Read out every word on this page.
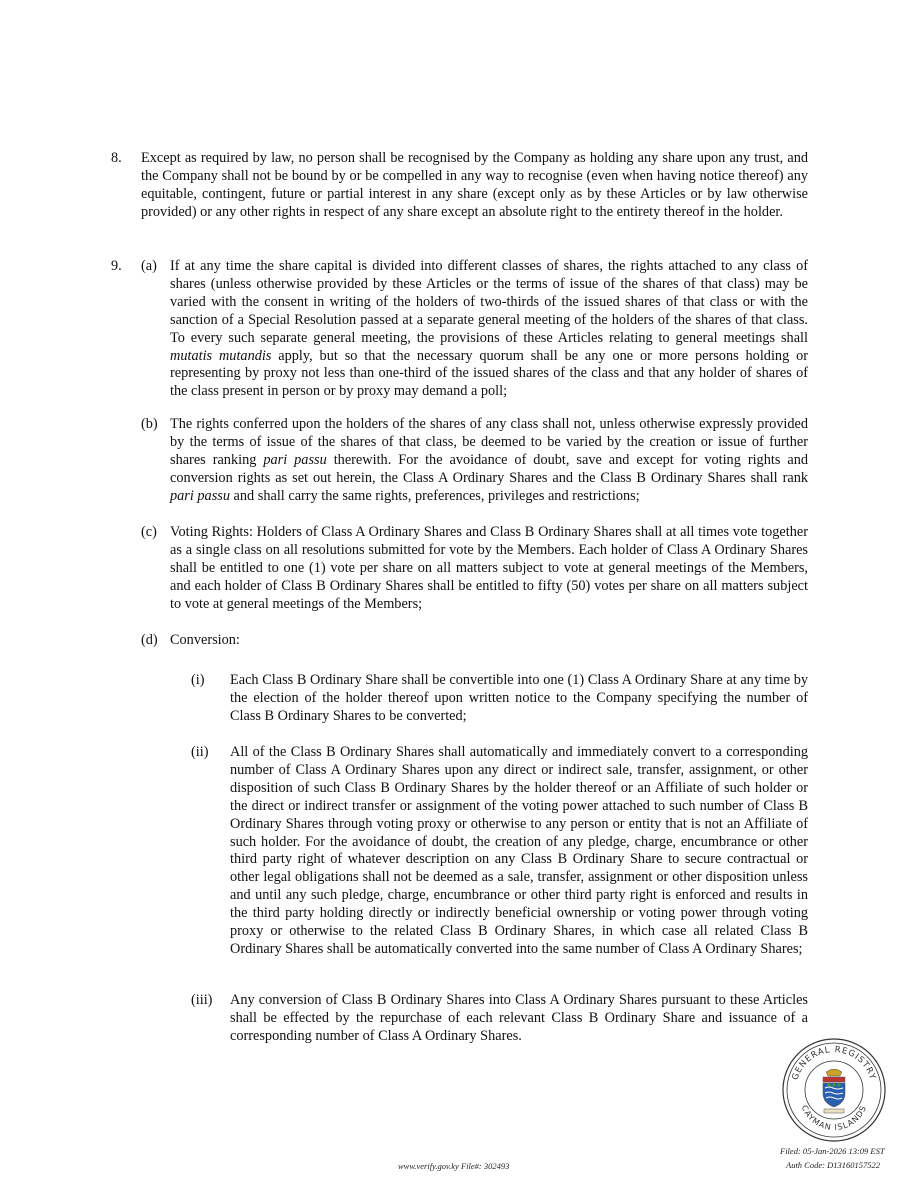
8. Except as required by law, no person shall be recognised by the Company as holding any share upon any trust, and the Company shall not be bound by or be compelled in any way to recognise (even when having notice thereof) any equitable, contingent, future or partial interest in any share (except only as by these Articles or by law otherwise provided) or any other rights in respect of any share except an absolute right to the entirety thereof in the holder.
9. (a) If at any time the share capital is divided into different classes of shares, the rights attached to any class of shares (unless otherwise provided by these Articles or the terms of issue of the shares of that class) may be varied with the consent in writing of the holders of two-thirds of the issued shares of that class or with the sanction of a Special Resolution passed at a separate general meeting of the holders of the shares of that class. To every such separate general meeting, the provisions of these Articles relating to general meetings shall mutatis mutandis apply, but so that the necessary quorum shall be any one or more persons holding or representing by proxy not less than one-third of the issued shares of the class and that any holder of shares of the class present in person or by proxy may demand a poll;
(b) The rights conferred upon the holders of the shares of any class shall not, unless otherwise expressly provided by the terms of issue of the shares of that class, be deemed to be varied by the creation or issue of further shares ranking pari passu therewith. For the avoidance of doubt, save and except for voting rights and conversion rights as set out herein, the Class A Ordinary Shares and the Class B Ordinary Shares shall rank pari passu and shall carry the same rights, preferences, privileges and restrictions;
(c) Voting Rights: Holders of Class A Ordinary Shares and Class B Ordinary Shares shall at all times vote together as a single class on all resolutions submitted for vote by the Members. Each holder of Class A Ordinary Shares shall be entitled to one (1) vote per share on all matters subject to vote at general meetings of the Members, and each holder of Class B Ordinary Shares shall be entitled to fifty (50) votes per share on all matters subject to vote at general meetings of the Members;
(d) Conversion:
(i) Each Class B Ordinary Share shall be convertible into one (1) Class A Ordinary Share at any time by the election of the holder thereof upon written notice to the Company specifying the number of Class B Ordinary Shares to be converted;
(ii) All of the Class B Ordinary Shares shall automatically and immediately convert to a corresponding number of Class A Ordinary Shares upon any direct or indirect sale, transfer, assignment, or other disposition of such Class B Ordinary Shares by the holder thereof or an Affiliate of such holder or the direct or indirect transfer or assignment of the voting power attached to such number of Class B Ordinary Shares through voting proxy or otherwise to any person or entity that is not an Affiliate of such holder. For the avoidance of doubt, the creation of any pledge, charge, encumbrance or other third party right of whatever description on any Class B Ordinary Share to secure contractual or other legal obligations shall not be deemed as a sale, transfer, assignment or other disposition unless and until any such pledge, charge, encumbrance or other third party right is enforced and results in the third party holding directly or indirectly beneficial ownership or voting power through voting proxy or otherwise to the related Class B Ordinary Shares, in which case all related Class B Ordinary Shares shall be automatically converted into the same number of Class A Ordinary Shares;
(iii) Any conversion of Class B Ordinary Shares into Class A Ordinary Shares pursuant to these Articles shall be effected by the repurchase of each relevant Class B Ordinary Share and issuance of a corresponding number of Class A Ordinary Shares.
GENERAL REGISTRY
CAYMAN ISLANDS
www.verify.gov.ky File#: 302493
Filed: 05-Jan-2026 13:09 EST
Auth Code: D13160157522
